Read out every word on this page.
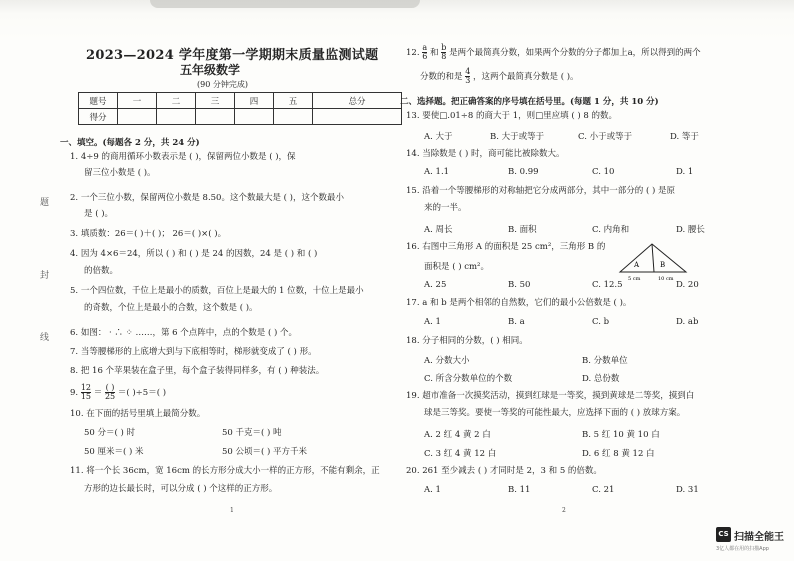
题
封
线
2023—2024 学年度第一学期期末质量监测试题
五年级数学
(90 分钟完成)
题号	一	二	三	四	五	总分
得分						
一、填空。(每题各 2 分，共 24 分)
1. 4÷9 的商用循环小数表示是 ( )，保留两位小数是 ( )，保
留三位小数是 ( )。
2. 一个三位小数，保留两位小数是 8.50。这个数最大是 ( )，这个数最小
是 ( )。
3. 填质数：26＝( )＋( )； 26＝( )×( )。
4. 因为 4×6＝24，所以 ( ) 和 ( ) 是 24 的因数，24 是 ( ) 和 ( )
的倍数。
5. 一个四位数，千位上是最小的质数，百位上是最大的 1 位数，十位上是最小
的奇数，个位上是最小的合数，这个数是 ( )。
6. 如图： · ∴ ⁘ ……，第 6 个点阵中，点的个数是 ( ) 个。
7. 当等腰梯形的上底增大到与下底相等时，梯形就变成了 ( ) 形。
8. 把 16 个苹果装在盒子里，每个盒子装得同样多，有 ( ) 种装法。
9. $\frac{12}{15} = \frac{( )}{25}$ ＝( )÷5＝( )
10. 在下面的括号里填上最简分数。
50 分＝( ) 时	50 千克＝( ) 吨
50 厘米＝( ) 米	50 公顷＝( ) 平方千米
11. 将一个长 36cm，宽 16cm 的长方形分成大小一样的正方形，不能有剩余，正
方形的边长最长时，可以分成 ( ) 个这样的正方形。
1
12. $\frac{a}{6}$ 和 $\frac{b}{8}$ 是两个最简真分数，如果两个分数的分子都加上a，所以得到的两个
分数的和是 $\frac{4}{3}$ ，这两个最简真分数是 ( )。
二、选择题。把正确答案的序号填在括号里。(每题 1 分，共 10 分)
13. 要使□.01÷8 的商大于 1，则□里应填 ( ) 8 的数。
A. 大于	B. 大于或等于	C. 小于或等于	D. 等于
14. 当除数是 ( ) 时，商可能比被除数大。
A. 1.1	B. 0.99	C. 10	D. 1
15. 沿着一个等腰梯形的对称轴把它分成两部分，其中一部分的 ( ) 是原
来的一半。
A. 周长	B. 面积	C. 内角和	D. 腰长
16. 右图中三角形 A 的面积是 25 cm²，三角形 B 的
面积是 ( ) cm²。	A	B
5 cm	10 cm
A. 25	B. 50	C. 12.5	D. 20
17. a 和 b 是两个相邻的自然数，它们的最小公倍数是 ( )。
A. 1	B. a	C. b	D. ab
18. 分子相同的分数，( ) 相同。
A. 分数大小	B. 分数单位
C. 所含分数单位的个数	D. 总份数
19. 超市准备一次摸奖活动，摸到红球是一等奖，摸到黄球是二等奖，摸到白
球是三等奖。要使一等奖的可能性最大，应选择下面的 ( ) 放球方案。
A. 2 红 4 黄 2 白	B. 5 红 10 黄 10 白
C. 3 红 4 黄 12 白	D. 6 红 8 黄 12 白
20. 261 至少减去 ( ) 才同时是 2，3 和 5 的倍数。
A. 1	B. 11	C. 21	D. 31
2
CS 扫描全能王
3亿人都在用的扫描App
